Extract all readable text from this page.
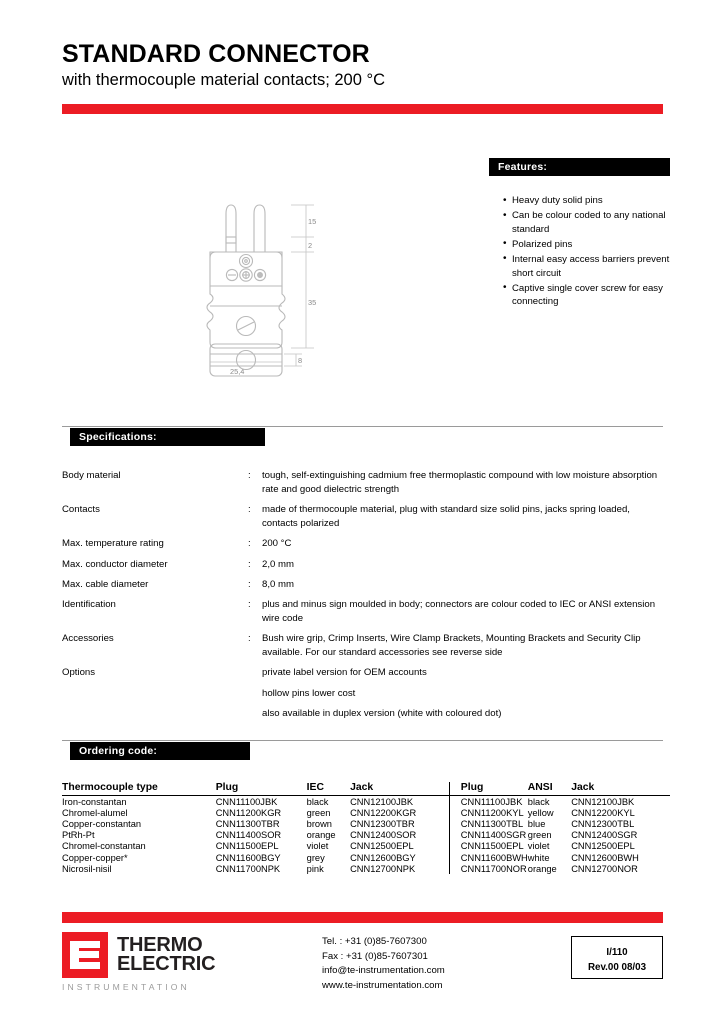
STANDARD CONNECTOR
with thermocouple material contacts; 200 °C
Features:
• Heavy duty solid pins
• Can be colour coded to any national standard
• Polarized pins
• Internal easy access barriers prevent short circuit
• Captive single cover screw for easy connecting
15
2
35
25,4
8
Specifications:
Body material	:	tough, self-extinguishing cadmium free thermoplastic compound with low moisture absorption rate and good dielectric strength
Contacts	:	made of thermocouple material, plug with standard size solid pins, jacks spring loaded, contacts polarized
Max. temperature rating	:	200 °C
Max. conductor diameter	:	2,0 mm
Max. cable diameter	:	8,0 mm
Identification	:	plus and minus sign moulded in body; connectors are colour coded to IEC or ANSI extension wire code
Accessories	:	Bush wire grip, Crimp Inserts, Wire Clamp Brackets, Mounting Brackets and Security Clip available. For our standard accessories see reverse side
Options	private label version for OEM accounts
hollow pins lower cost
also available in duplex version (white with coloured dot)
Ordering code:
Thermocouple type	Plug	IEC	Jack	Plug	ANSI	Jack
Iron-constantan	CNN11100JBK	black	CNN12100JBK	CNN11100JBK	black	CNN12100JBK
Chromel-alumel	CNN11200KGR	green	CNN12200KGR	CNN11200KYL	yellow	CNN12200KYL
Copper-constantan	CNN11300TBR	brown	CNN12300TBR	CNN11300TBL	blue	CNN12300TBL
PtRh-Pt	CNN11400SOR	orange	CNN12400SOR	CNN11400SGR	green	CNN12400SGR
Chromel-constantan	CNN11500EPL	violet	CNN12500EPL	CNN11500EPL	violet	CNN12500EPL
Copper-copper*	CNN11600BGY	grey	CNN12600BGY	CNN11600BWH	white	CNN12600BWH
Nicrosil-nisil	CNN11700NPK	pink	CNN12700NPK	CNN11700NOR	orange	CNN12700NOR
THERMO
ELECTRIC
INSTRUMENTATION
Tel. : +31 (0)85-7607300
Fax : +31 (0)85-7607301
info@te-instrumentation.com
www.te-instrumentation.com
I/110
Rev.00 08/03
